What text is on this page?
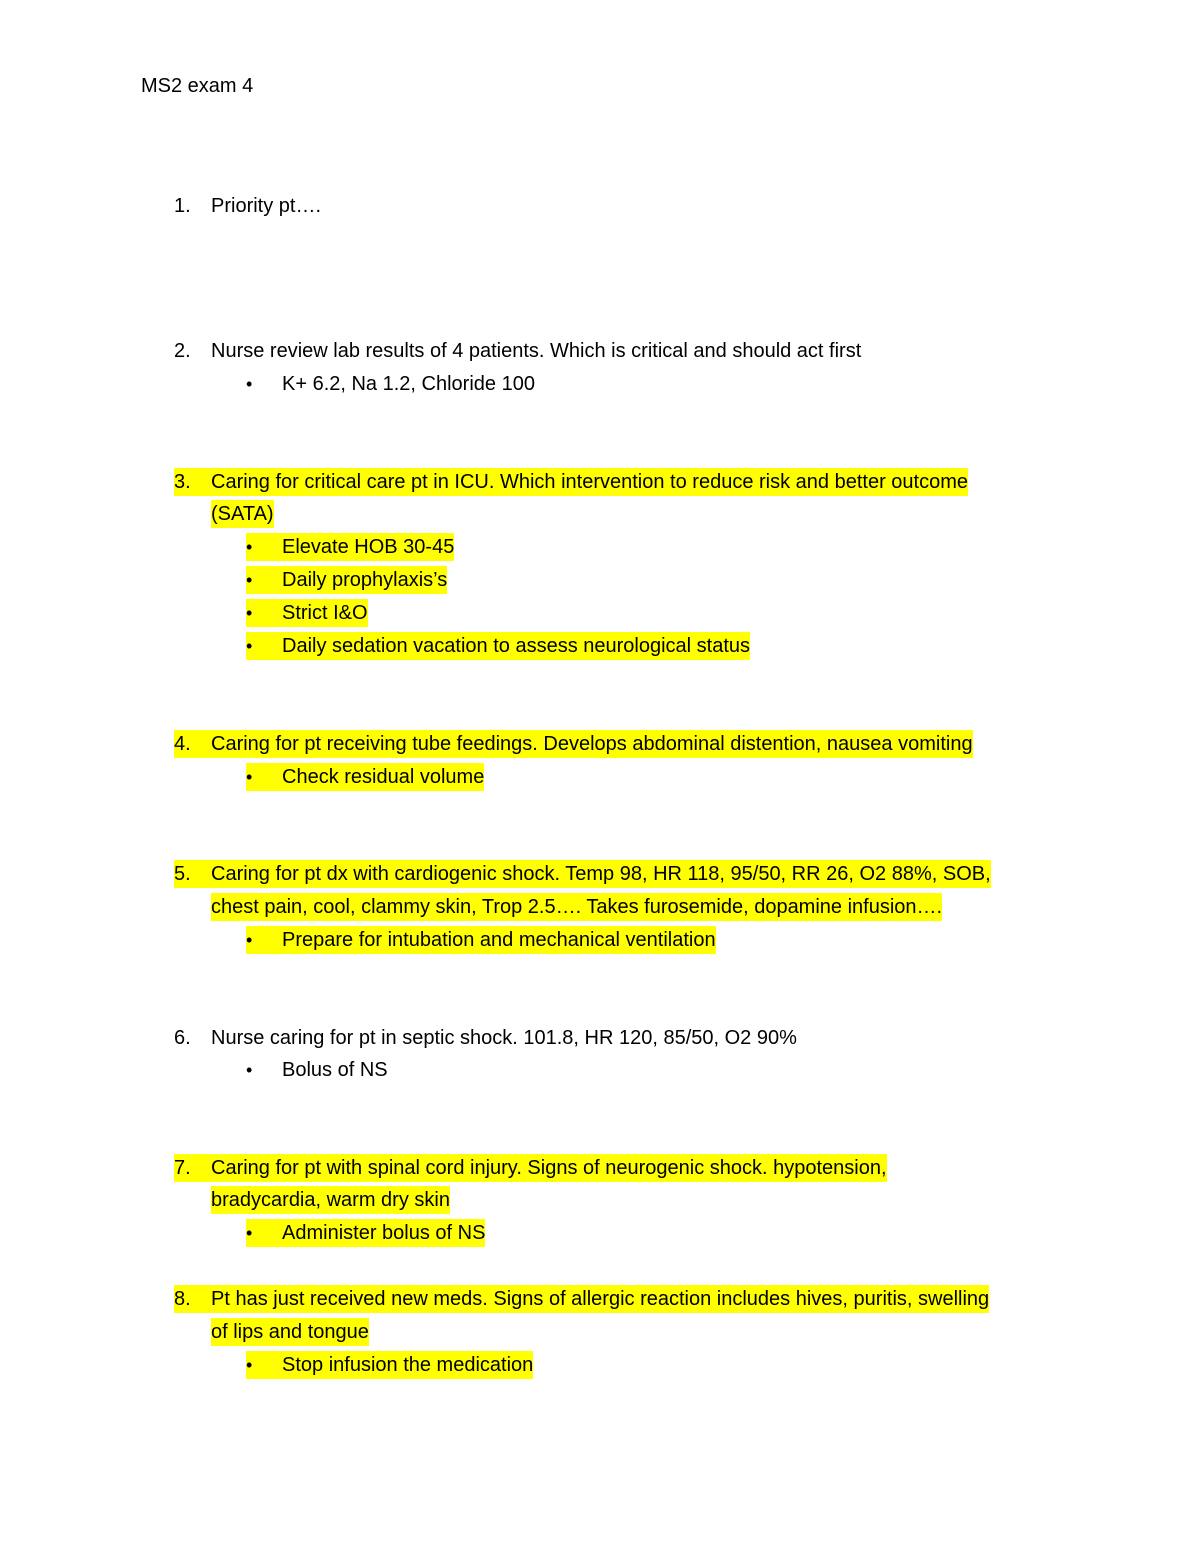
MS2 exam 4
1.	Priority pt….
2.	Nurse review lab results of 4 patients. Which is critical and should act first
•	K+ 6.2, Na 1.2, Chloride 100
3.	Caring for critical care pt in ICU. Which intervention to reduce risk and better outcome
(SATA)
•	Elevate HOB 30-45
•	Daily prophylaxis’s
•	Strict I&O
•	Daily sedation vacation to assess neurological status
4.	Caring for pt receiving tube feedings. Develops abdominal distention, nausea vomiting
•	Check residual volume
5.	Caring for pt dx with cardiogenic shock. Temp 98, HR 118, 95/50, RR 26, O2 88%, SOB,
chest pain, cool, clammy skin, Trop 2.5…. Takes furosemide, dopamine infusion….
•	Prepare for intubation and mechanical ventilation
6.	Nurse caring for pt in septic shock. 101.8, HR 120, 85/50, O2 90%
•	Bolus of NS
7.	Caring for pt with spinal cord injury. Signs of neurogenic shock. hypotension,
bradycardia, warm dry skin
•	Administer bolus of NS
8.	Pt has just received new meds. Signs of allergic reaction includes hives, puritis, swelling
of lips and tongue
•	Stop infusion the medication
